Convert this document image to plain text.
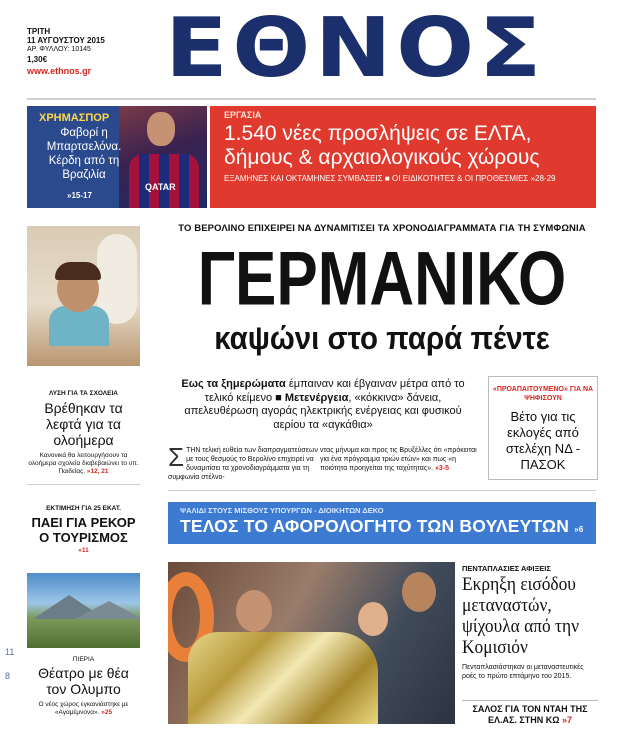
ΤΡΙΤΗ
11 ΑΥΓΟΥΣΤΟΥ 2015
ΑΡ. ΦΥΛΛΟΥ: 10145
1,30€
www.ethnos.gr ΕΘΝΟΣ
QATAR
ΧΡΗΜΑΣΠΟΡ
Φαβορί η Μπαρτσελόνα. Κέρδη από τη Βραζιλία
»15-17
ΕΡΓΑΣΙΑ
1.540 νέες προσλήψεις σε ΕΛΤΑ, δήμους & αρχαιολογικούς χώρους
ΕΞΑΜΗΝΕΣ ΚΑΙ ΟΚΤΑΜΗΝΕΣ ΣΥΜΒΑΣΕΙΣ ■ ΟΙ ΕΙΔΙΚΟΤΗΤΕΣ & ΟΙ ΠΡΟΘΕΣΜΙΕΣ »28-29
ΛΥΣΗ ΓΙΑ ΤΑ ΣΧΟΛΕΙΑ
Βρέθηκαν τα λεφτά για τα ολοήμερα
Κανονικά θα λειτουργήσουν τα ολοήμερα σχολεία διαβεβαιώνει το υπ. Παιδείας. »12, 21
ΕΚΤΙΜΗΣΗ ΓΙΑ 25 ΕΚΑΤ.
ΠΑΕΙ ΓΙΑ ΡΕΚΟΡ Ο ΤΟΥΡΙΣΜΟΣ
»11
ΠΙΕΡΙΑ
Θέατρο με θέα τον Ολυμπο
Ο νέος χώρος εγκαινιάστηκε με «Αγαμέμνονα». »25
11
8
ΤΟ ΒΕΡΟΛΙΝΟ ΕΠΙΧΕΙΡΕΙ ΝΑ ΔΥΝΑΜΙΤΙΣΕΙ ΤΑ ΧΡΟΝΟΔΙΑΓΡΑΜΜΑΤΑ ΓΙΑ ΤΗ ΣΥΜΦΩΝΙΑ
ΓΕΡΜΑΝΙΚΟ
καψώνι στο παρά πέντε
Εως τα ξημερώματα έμπαιναν και έβγαιναν μέτρα από το τελικό κείμενο ■ Μετενέργεια, «κόκκινα» δάνεια, απελευθέρωση αγοράς ηλεκτρικής ενέργειας και φυσικού αερίου τα «αγκάθια»
«ΠΡΟΑΠΑΙΤΟΥΜΕΝΟ» ΓΙΑ ΝΑ ΨΗΦΙΣΟΥΝ
Βέτο για τις εκλογές από στελέχη ΝΔ - ΠΑΣΟΚ
Σ ΤΗΝ τελική ευθεία των διαπραγματεύσεων με τους θεσμούς το Βερολίνο επιχειρεί να δυναμιτίσει τα χρονοδιαγράμματα για τη συμφωνία στέλνο-
ντας μήνυμα και προς τις Βρυξέλλες ότι «πρόκειται για ένα πρόγραμμα τριών ετών» και πως «η ποιότητα προηγείται της ταχύτητας». »3-5
ΨΑΛΙΔΙ ΣΤΟΥΣ ΜΙΣΘΟΥΣ ΥΠΟΥΡΓΩΝ - ΔΙΟΙΚΗΤΩΝ ΔΕΚΟ
ΤΕΛΟΣ ΤΟ ΑΦΟΡΟΛΟΓΗΤΟ ΤΩΝ ΒΟΥΛΕΥΤΩΝ »6
ΠΕΝΤΑΠΛΑΣΙΕΣ ΑΦΙΞΕΙΣ
Εκρηξη εισόδου μεταναστών, ψίχουλα από την Κομισιόν
Πενταπλασιάστηκαν οι μεταναστευτικές ροές το πρώτο επτάμηνο του 2015.
ΣΑΛΟΣ ΓΙΑ ΤΟΝ ΝΤΑΗ ΤΗΣ ΕΛ.ΑΣ. ΣΤΗΝ ΚΩ »7
